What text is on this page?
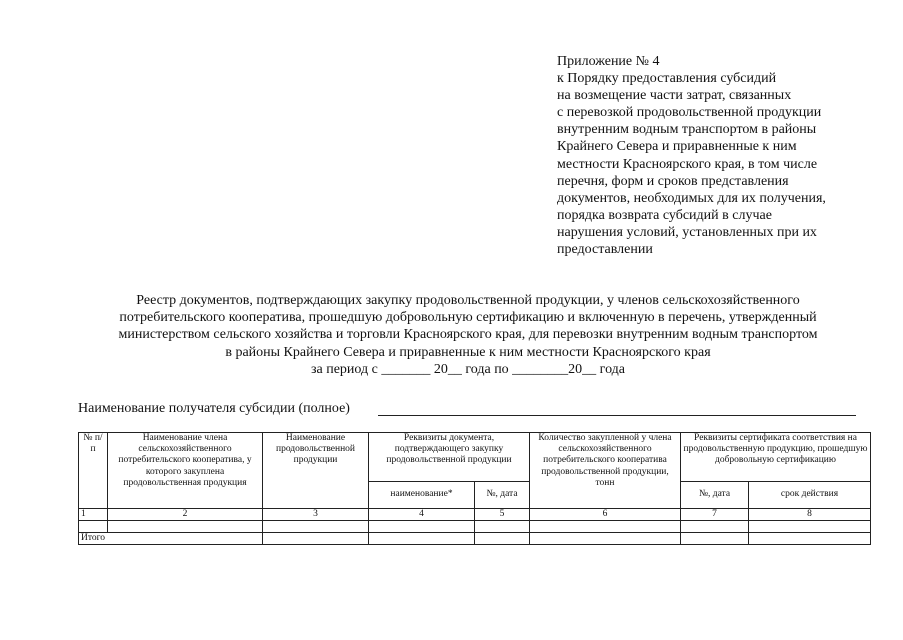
Приложение № 4
к Порядку предоставления субсидий
на возмещение части затрат, связанных
с перевозкой продовольственной продукции
внутренним водным транспортом в районы
Крайнего Севера и приравненные к ним
местности Красноярского края, в том числе
перечня, форм и сроков представления
документов, необходимых для их получения,
порядка возврата субсидий в случае
нарушения условий, установленных при их
предоставлении
Реестр документов, подтверждающих закупку продовольственной продукции, у членов сельскохозяйственного
потребительского кооператива, прошедшую добровольную сертификацию и включенную в перечень, утвержденный
министерством сельского хозяйства и торговли Красноярского края, для перевозки внутренним водным транспортом
в районы Крайнего Севера и приравненные к ним местности Красноярского края
за период с _______ 20__ года по ________20__ года
Наименование получателя субсидии (полное)
№ п/п	Наименование члена сельскохозяйственного потребительского кооператива, у которого закуплена продовольственная продукция	Наименование продовольственной продукции	Реквизиты документа, подтверждающего закупку продовольственной продукции		Количество закупленной у члена сельскохозяйственного потребительского кооператива продовольственной продукции, тонн	Реквизиты сертификата соответствия на продовольственную продукцию, прошедшую добровольную сертификацию	
			наименование*	№, дата		№, дата	срок действия
1	2	3	4	5	6	7	8

Итого							
